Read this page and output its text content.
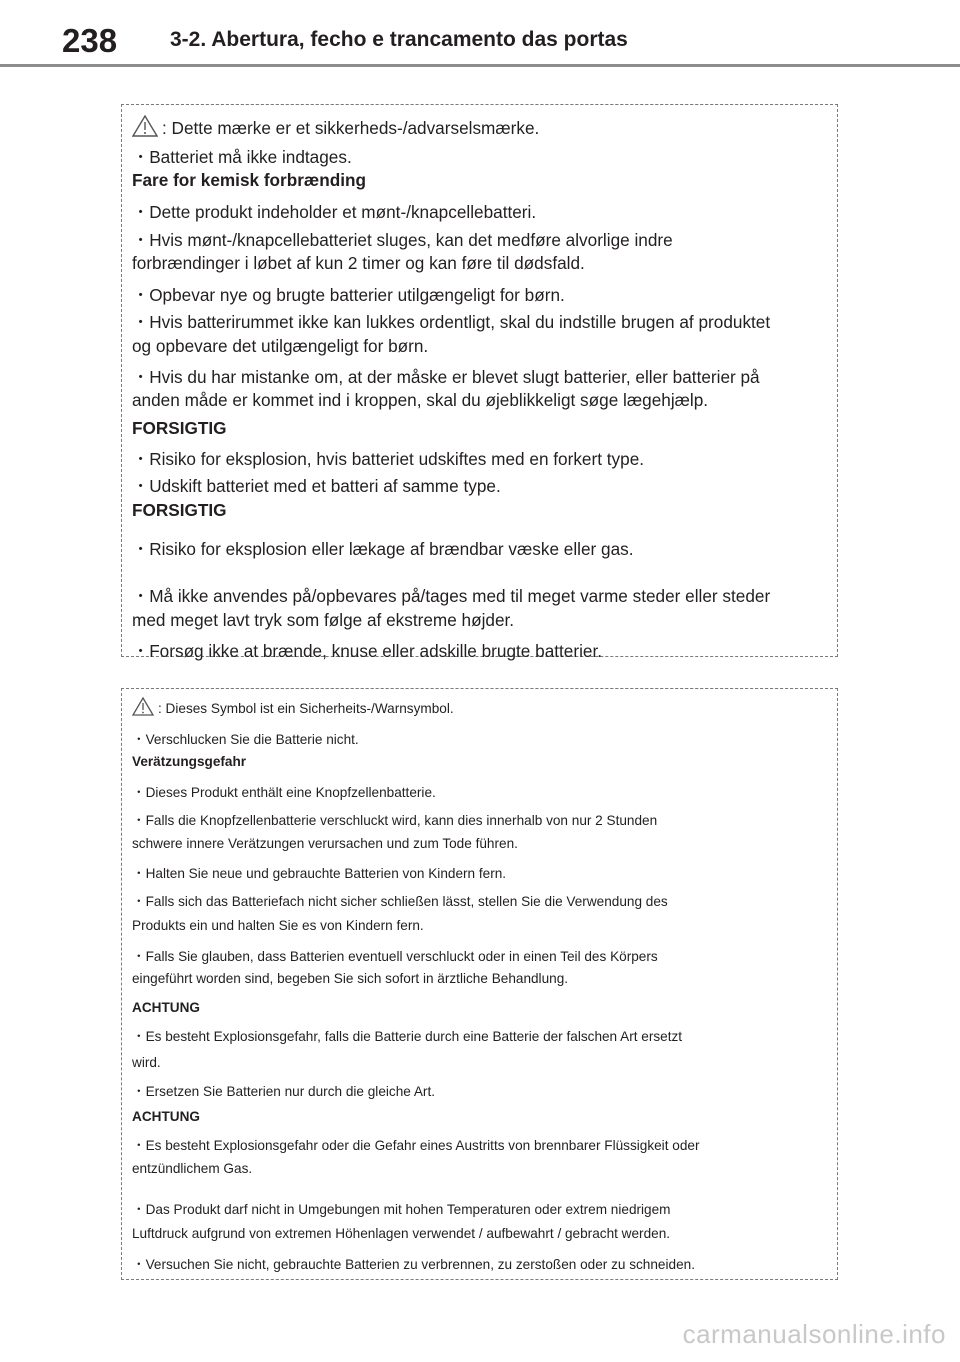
238	3-2. Abertura, fecho e trancamento das portas
: Dette mærke er et sikkerheds-/advarselsmærke.
・Batteriet må ikke indtages.
Fare for kemisk forbrænding
・Dette produkt indeholder et mønt-/knapcellebatteri.
・Hvis mønt-/knapcellebatteriet sluges, kan det medføre alvorlige indre
forbrændinger i løbet af kun 2 timer og kan føre til dødsfald.
・Opbevar nye og brugte batterier utilgængeligt for børn.
・Hvis batterirummet ikke kan lukkes ordentligt, skal du indstille brugen af produktet
og opbevare det utilgængeligt for børn.
・Hvis du har mistanke om, at der måske er blevet slugt batterier, eller batterier på
anden måde er kommet ind i kroppen, skal du øjeblikkeligt søge lægehjælp.
FORSIGTIG
・Risiko for eksplosion, hvis batteriet udskiftes med en forkert type.
・Udskift batteriet med et batteri af samme type.
FORSIGTIG
・Risiko for eksplosion eller lækage af brændbar væske eller gas.
・Må ikke anvendes på/opbevares på/tages med til meget varme steder eller steder
med meget lavt tryk som følge af ekstreme højder.
・Forsøg ikke at brænde, knuse eller adskille brugte batterier.
: Dieses Symbol ist ein Sicherheits-/Warnsymbol.
・Verschlucken Sie die Batterie nicht.
Verätzungsgefahr
・Dieses Produkt enthält eine Knopfzellenbatterie.
・Falls die Knopfzellenbatterie verschluckt wird, kann dies innerhalb von nur 2 Stunden
schwere innere Verätzungen verursachen und zum Tode führen.
・Halten Sie neue und gebrauchte Batterien von Kindern fern.
・Falls sich das Batteriefach nicht sicher schließen lässt, stellen Sie die Verwendung des
Produkts ein und halten Sie es von Kindern fern.
・Falls Sie glauben, dass Batterien eventuell verschluckt oder in einen Teil des Körpers
eingeführt worden sind, begeben Sie sich sofort in ärztliche Behandlung.
ACHTUNG
・Es besteht Explosionsgefahr, falls die Batterie durch eine Batterie der falschen Art ersetzt
wird.
・Ersetzen Sie Batterien nur durch die gleiche Art.
ACHTUNG
・Es besteht Explosionsgefahr oder die Gefahr eines Austritts von brennbarer Flüssigkeit oder
entzündlichem Gas.
・Das Produkt darf nicht in Umgebungen mit hohen Temperaturen oder extrem niedrigem
Luftdruck aufgrund von extremen Höhenlagen verwendet / aufbewahrt / gebracht werden.
・Versuchen Sie nicht, gebrauchte Batterien zu verbrennen, zu zerstoßen oder zu schneiden.
carmanualsonline.info
